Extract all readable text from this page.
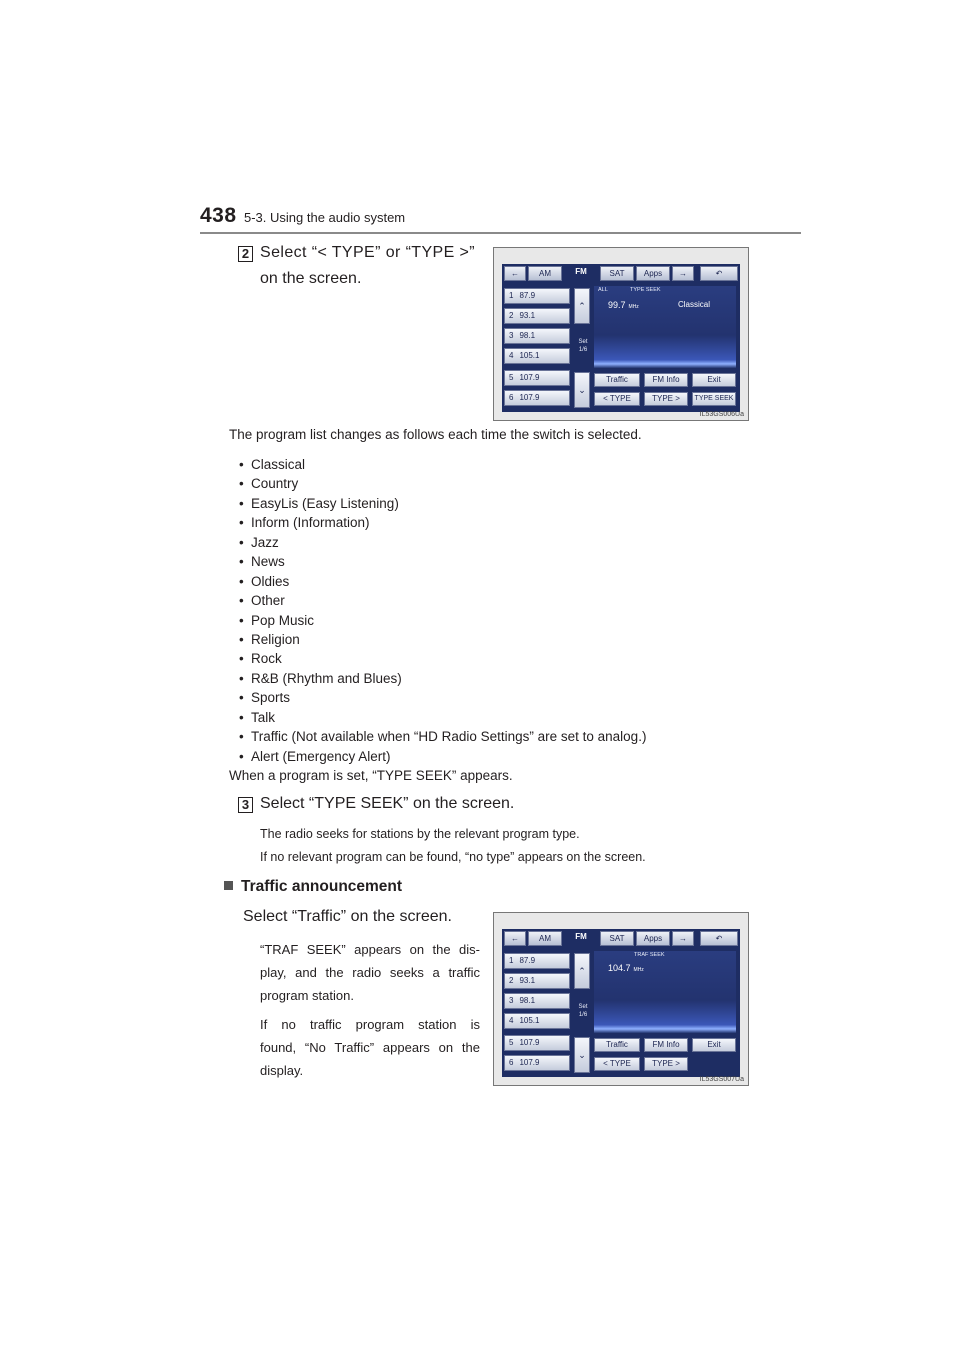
438 5-3. Using the audio system
2 Select “< TYPE” or “TYPE >”
on the screen.	←	AM	FM	SAT	Apps	→	↶
1 87.9
2 93.1
3 98.1
4 105.1
5 107.9
6 107.9
⌃
Set
1/6
⌄
ALL	TYPE SEEK
99.7 MHz	Classical
Traffic	FM Info	Exit
< TYPE	TYPE >	TYPE SEEK
IL53GS006Ua
The program list changes as follows each time the switch is selected.
• Classical
• Country
• EasyLis (Easy Listening)
• Inform (Information)
• Jazz
• News
• Oldies
• Other
• Pop Music
• Religion
• Rock
• R&B (Rhythm and Blues)
• Sports
• Talk
• Traffic (Not available when “HD Radio Settings” are set to analog.)
• Alert (Emergency Alert)
When a program is set, “TYPE SEEK” appears.
3 Select “TYPE SEEK” on the screen.
The radio seeks for stations by the relevant program type.
If no relevant program can be found, “no type” appears on the screen.
Traffic announcement
Select “Traffic” on the screen.
“TRAF SEEK” appears on the dis-
play, and the radio seeks a traffic
program station.
If no traffic program station is
found, “No Traffic” appears on the
display.
←	AM	FM	SAT	Apps	→	↶
1 87.9
2 93.1
3 98.1
4 105.1
5 107.9
6 107.9
⌃
Set
1/6
⌄
TRAF SEEK
104.7 MHz
Traffic	FM Info	Exit
< TYPE	TYPE >
IL53GS007Ua
